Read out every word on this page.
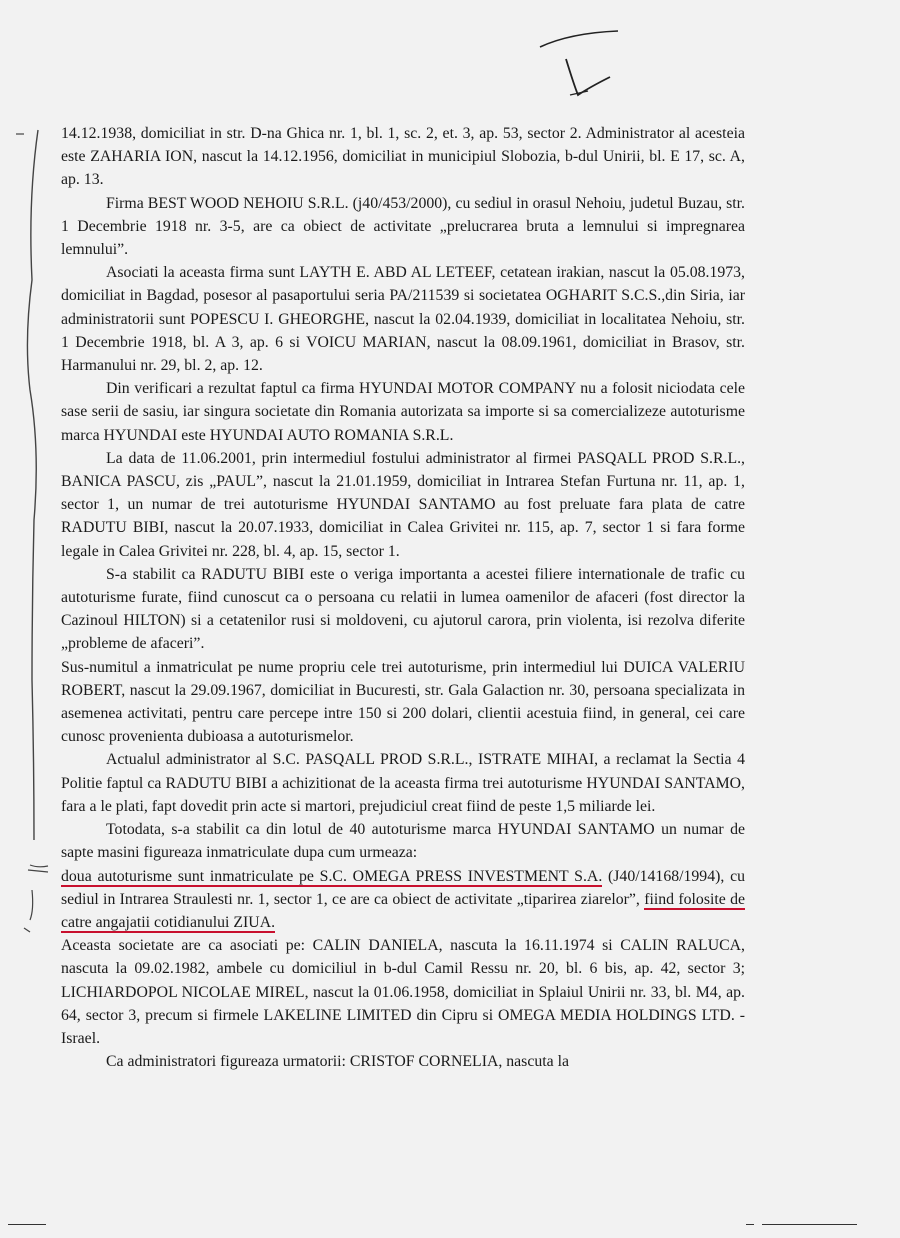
14.12.1938, domiciliat in str. D-na Ghica nr. 1, bl. 1, sc. 2, et. 3, ap. 53, sector 2. Administrator al acesteia este ZAHARIA ION, nascut la 14.12.1956, domiciliat in municipiul Slobozia, b-dul Unirii, bl. E 17, sc. A, ap. 13.

Firma BEST WOOD NEHOIU S.R.L. (j40/453/2000), cu sediul in orasul Nehoiu, judetul Buzau, str. 1 Decembrie 1918 nr. 3-5, are ca obiect de activitate „prelucrarea bruta a lemnului si impregnarea lemnului”.

Asociati la aceasta firma sunt LAYTH E. ABD AL LETEEF, cetatean irakian, nascut la 05.08.1973, domiciliat in Bagdad, posesor al pasaportului seria PA/211539 si societatea OGHARIT S.C.S.,din Siria, iar administratorii sunt POPESCU I. GHEORGHE, nascut la 02.04.1939, domiciliat in localitatea Nehoiu, str. 1 Decembrie 1918, bl. A 3, ap. 6 si VOICU MARIAN, nascut la 08.09.1961, domiciliat in Brasov, str. Harmanului nr. 29, bl. 2, ap. 12.

Din verificari a rezultat faptul ca firma HYUNDAI MOTOR COMPANY nu a folosit niciodata cele sase serii de sasiu, iar singura societate din Romania autorizata sa importe si sa comercializeze autoturisme marca HYUNDAI este HYUNDAI AUTO ROMANIA S.R.L.

La data de 11.06.2001, prin intermediul fostului administrator al firmei PASQALL PROD S.R.L., BANICA PASCU, zis „PAUL”, nascut la 21.01.1959, domiciliat in Intrarea Stefan Furtuna nr. 11, ap. 1, sector 1, un numar de trei autoturisme HYUNDAI SANTAMO au fost preluate fara plata de catre RADUTU BIBI, nascut la 20.07.1933, domiciliat in Calea Grivitei nr. 115, ap. 7, sector 1 si fara forme legale in Calea Grivitei nr. 228, bl. 4, ap. 15, sector 1.

S-a stabilit ca RADUTU BIBI este o veriga importanta a acestei filiere internationale de trafic cu autoturisme furate, fiind cunoscut ca o persoana cu relatii in lumea oamenilor de afaceri (fost director la Cazinoul HILTON) si a cetatenilor rusi si moldoveni, cu ajutorul carora, prin violenta, isi rezolva diferite „probleme de afaceri”.

Sus-numitul a inmatriculat pe nume propriu cele trei autoturisme, prin intermediul lui DUICA VALERIU ROBERT, nascut la 29.09.1967, domiciliat in Bucuresti, str. Gala Galaction nr. 30, persoana specializata in asemenea activitati, pentru care percepe intre 150 si 200 dolari, clientii acestuia fiind, in general, cei care cunosc provenienta dubioasa a autoturismelor.

Actualul administrator al S.C. PASQALL PROD S.R.L., ISTRATE MIHAI, a reclamat la Sectia 4 Politie faptul ca RADUTU BIBI a achizitionat de la aceasta firma trei autoturisme HYUNDAI SANTAMO, fara a le plati, fapt dovedit prin acte si martori, prejudiciul creat fiind de peste 1,5 miliarde lei.

Totodata, s-a stabilit ca din lotul de 40 autoturisme marca HYUNDAI SANTAMO un numar de sapte masini figureaza inmatriculate dupa cum urmeaza:

doua autoturisme sunt inmatriculate pe S.C. OMEGA PRESS INVESTMENT S.A. (J40/14168/1994), cu sediul in Intrarea Straulesti nr. 1, sector 1, ce are ca obiect de activitate „tiparirea ziarelor”, fiind folosite de catre angajatii cotidianului ZIUA.

Aceasta societate are ca asociati pe: CALIN DANIELA, nascuta la 16.11.1974 si CALIN RALUCA, nascuta la 09.02.1982, ambele cu domiciliul in b-dul Camil Ressu nr. 20, bl. 6 bis, ap. 42, sector 3; LICHIARDOPOL NICOLAE MIREL, nascut la 01.06.1958, domiciliat in Splaiul Unirii nr. 33, bl. M4, ap. 64, sector 3, precum si firmele LAKELINE LIMITED din Cipru si OMEGA MEDIA HOLDINGS LTD. - Israel.

Ca administratori figureaza urmatorii: CRISTOF CORNELIA, nascuta la
